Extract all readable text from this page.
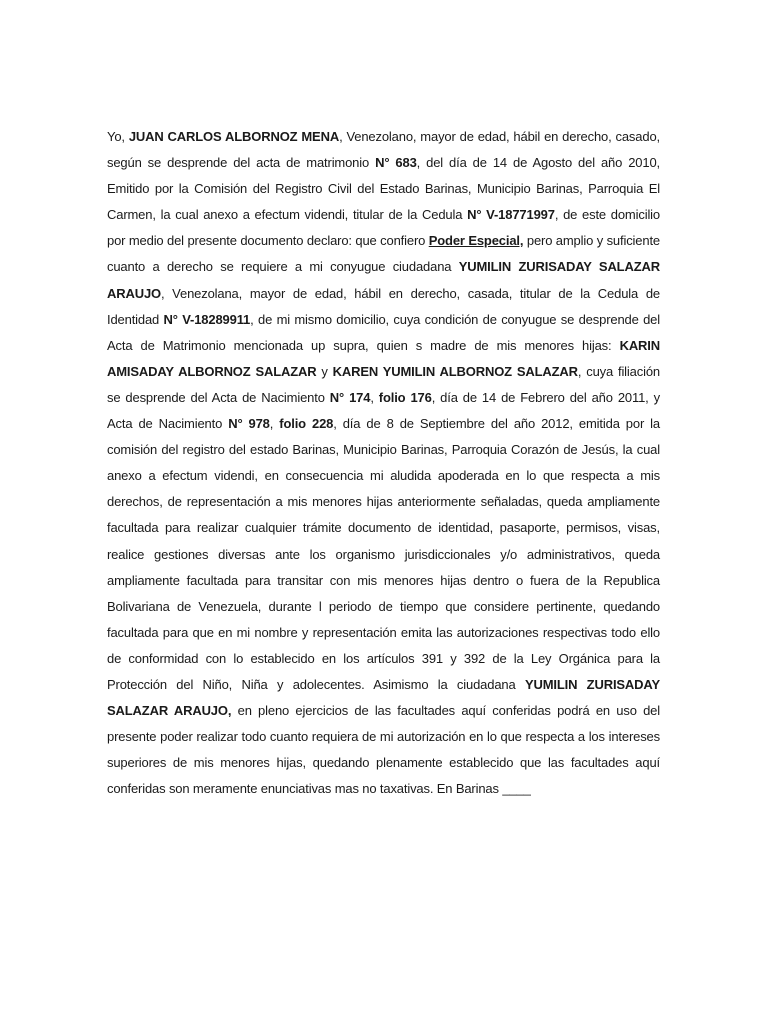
Yo, JUAN CARLOS ALBORNOZ MENA, Venezolano, mayor de edad, hábil en derecho, casado, según se desprende del acta de matrimonio N° 683, del día de 14 de Agosto del año 2010, Emitido por la Comisión del Registro Civil del Estado Barinas, Municipio Barinas, Parroquia El Carmen, la cual anexo a efectum videndi, titular de la Cedula N° V-18771997, de este domicilio por medio del presente documento declaro: que confiero Poder Especial, pero amplio y suficiente cuanto a derecho se requiere a mi conyugue ciudadana YUMILIN ZURISADAY SALAZAR ARAUJO, Venezolana, mayor de edad, hábil en derecho, casada, titular de la Cedula de Identidad N° V-18289911, de mi mismo domicilio, cuya condición de conyugue se desprende del Acta de Matrimonio mencionada up supra, quien s madre de mis menores hijas: KARIN AMISADAY ALBORNOZ SALAZAR y KAREN YUMILIN ALBORNOZ SALAZAR, cuya filiación se desprende del Acta de Nacimiento N° 174, folio 176, día de 14 de Febrero del año 2011, y Acta de Nacimiento N° 978, folio 228, día de 8 de Septiembre del año 2012, emitida por la comisión del registro del estado Barinas, Municipio Barinas, Parroquia Corazón de Jesús, la cual anexo a efectum videndi, en consecuencia mi aludida apoderada en lo que respecta a mis derechos, de representación a mis menores hijas anteriormente señaladas, queda ampliamente facultada para realizar cualquier trámite documento de identidad, pasaporte, permisos, visas, realice gestiones diversas ante los organismo jurisdiccionales y/o administrativos, queda ampliamente facultada para transitar con mis menores hijas dentro o fuera de la Republica Bolivariana de Venezuela, durante l periodo de tiempo que considere pertinente, quedando facultada para que en mi nombre y representación emita las autorizaciones respectivas todo ello de conformidad con lo establecido en los artículos 391 y 392 de la Ley Orgánica para la Protección del Niño, Niña y adolecentes. Asimismo la ciudadana YUMILIN ZURISADAY SALAZAR ARAUJO, en pleno ejercicios de las facultades aquí conferidas podrá en uso del presente poder realizar todo cuanto requiera de mi autorización en lo que respecta a los intereses superiores de mis menores hijas, quedando plenamente establecido que las facultades aquí conferidas son meramente enunciativas mas no taxativas. En Barinas ____
